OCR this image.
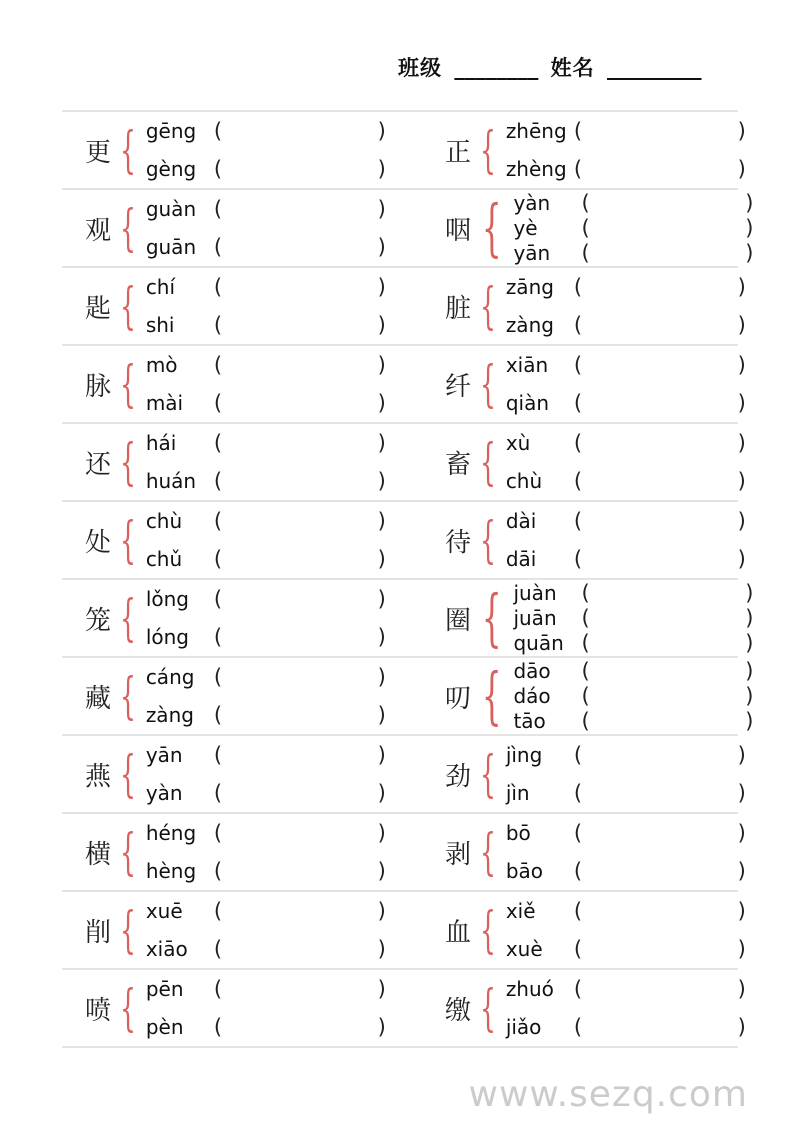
班级 ________ 姓名 _________
更 { gēng (	)
gèng (	)
正 { zhēng (	)
zhèng (	)
观 { guàn (	)
guān (	)
咽 { yàn	(	)
yè	(	)
yān	(	)
匙 { chí	(	)
shi	(	)
脏 { zāng (	)
zàng (	)
脉 { mò	(	)
mài	(	)
纤 { xiān	(	)
qiàn	(	)
还 { hái	(	)
huán (	)
畜 { xù	(	)
chù	(	)
处 { chù	(	)
chǔ	(	)
待 { dài	(	)
dāi	(	)
笼 { lǒng	(	)
lóng	(	)
圈 { juàn	(	)
juān	(	)
quān (	)
藏 { cáng (	)
zàng (	)
叨 { dāo	(	)
dáo	(	)
tāo	(	)
燕 { yān	(	)
yàn	(	)
劲 { jìng	(	)
jìn	(	)
横 { héng (	)
hèng (	)
剥 { bō	(	)
bāo	(	)
削 { xuē	(	)
xiāo	(	)
血 { xiě	(	)
xuè	(	)
喷 { pēn	(	)
pèn	(	)
缴 { zhuó (	)
jiǎo	(	)
www.sezq.com
